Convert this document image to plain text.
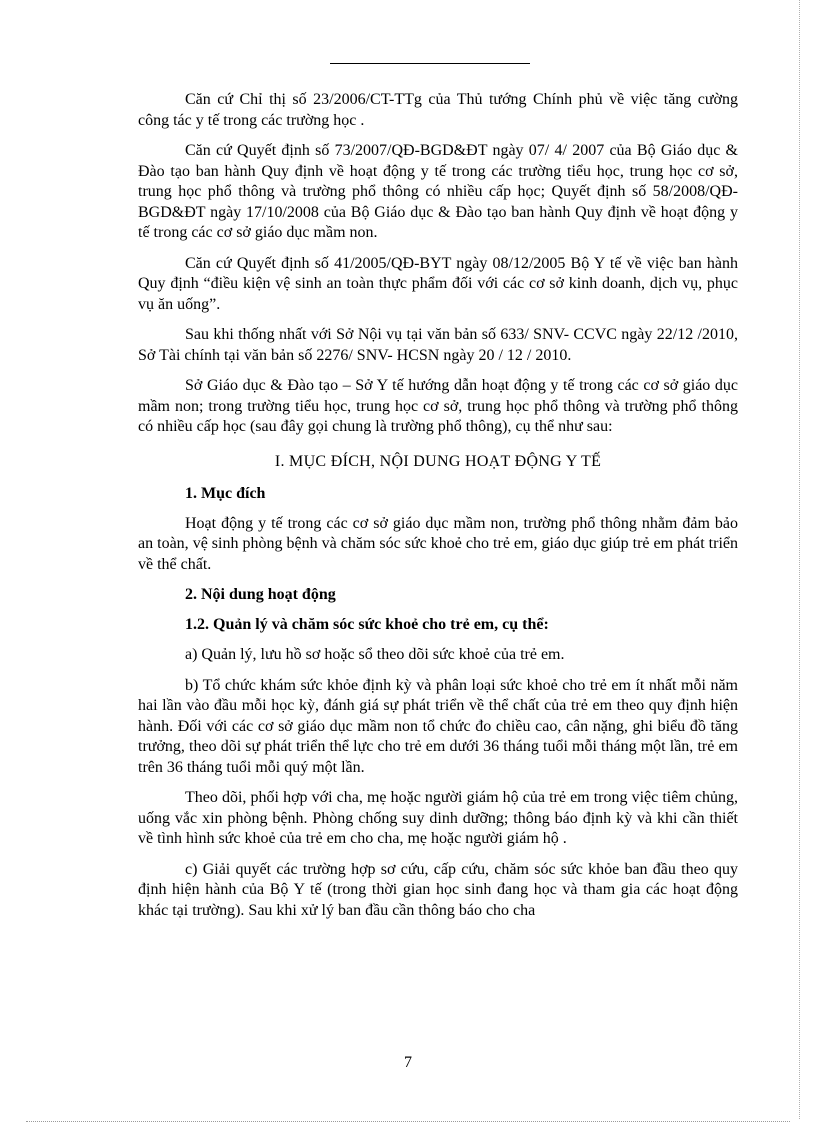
Căn cứ Chỉ thị số 23/2006/CT-TTg của Thủ tướng Chính phủ về việc tăng cường công tác y tế trong các trường học .

Căn cứ Quyết định số 73/2007/QĐ-BGD&ĐT ngày 07/ 4/ 2007 của Bộ Giáo dục & Đào tạo ban hành Quy định về hoạt động y tế trong các trường tiểu học, trung học cơ sở, trung học phổ thông và trường phổ thông có nhiều cấp học; Quyết định số 58/2008/QĐ-BGD&ĐT ngày 17/10/2008 của Bộ Giáo dục & Đào tạo ban hành Quy định về hoạt động y tế trong các cơ sở giáo dục mầm non.

Căn cứ Quyết định số 41/2005/QĐ-BYT ngày 08/12/2005 Bộ Y tế về việc ban hành Quy định “điều kiện vệ sinh an toàn thực phẩm đối với các cơ sở kinh doanh, dịch vụ, phục vụ ăn uống”.

Sau khi thống nhất với Sở Nội vụ tại văn bản số 633/ SNV- CCVC ngày 22/12 /2010, Sở Tài chính tại văn bản số 2276/ SNV- HCSN ngày 20 / 12 / 2010.

Sở Giáo dục & Đào tạo – Sở Y tế hướng dẫn hoạt động y tế trong các cơ sở giáo dục mầm non; trong trường tiểu học, trung học cơ sở, trung học phổ thông và trường phổ thông có nhiều cấp học (sau đây gọi chung là trường phổ thông), cụ thể như sau:

I. MỤC ĐÍCH, NỘI DUNG HOẠT ĐỘNG Y TẾ
1. Mục đích

Hoạt động y tế trong các cơ sở giáo dục mầm non, trường phổ thông nhằm đảm bảo an toàn, vệ sinh phòng bệnh và chăm sóc sức khoẻ cho trẻ em, giáo dục giúp trẻ em phát triển về thể chất.

2. Nội dung hoạt động
1.2. Quản lý và chăm sóc sức khoẻ cho trẻ em, cụ thể:

a) Quản lý, lưu hồ sơ hoặc sổ theo dõi sức khoẻ của trẻ em.

b) Tổ chức khám sức khỏe định kỳ và phân loại sức khoẻ cho trẻ em ít nhất mỗi năm hai lần vào đầu mỗi học kỳ, đánh giá sự phát triển về thể chất của trẻ em theo quy định hiện hành. Đối với các cơ sở giáo dục mầm non tổ chức đo chiều cao, cân nặng, ghi biểu đồ tăng trưởng, theo dõi sự phát triển thể lực cho trẻ em dưới 36 tháng tuổi mỗi tháng một lần, trẻ em trên 36 tháng tuổi mỗi quý một lần.

Theo dõi, phối hợp với cha, mẹ hoặc người giám hộ của trẻ em trong việc tiêm chủng, uống vắc xin phòng bệnh. Phòng chống suy dinh dưỡng; thông báo định kỳ và khi cần thiết về tình hình sức khoẻ của trẻ em cho cha, mẹ hoặc người giám hộ .

c) Giải quyết các trường hợp sơ cứu, cấp cứu, chăm sóc sức khỏe ban đầu theo quy định hiện hành của Bộ Y tế (trong thời gian học sinh đang học và tham gia các hoạt động khác tại trường). Sau khi xử lý ban đầu cần thông báo cho cha

7
